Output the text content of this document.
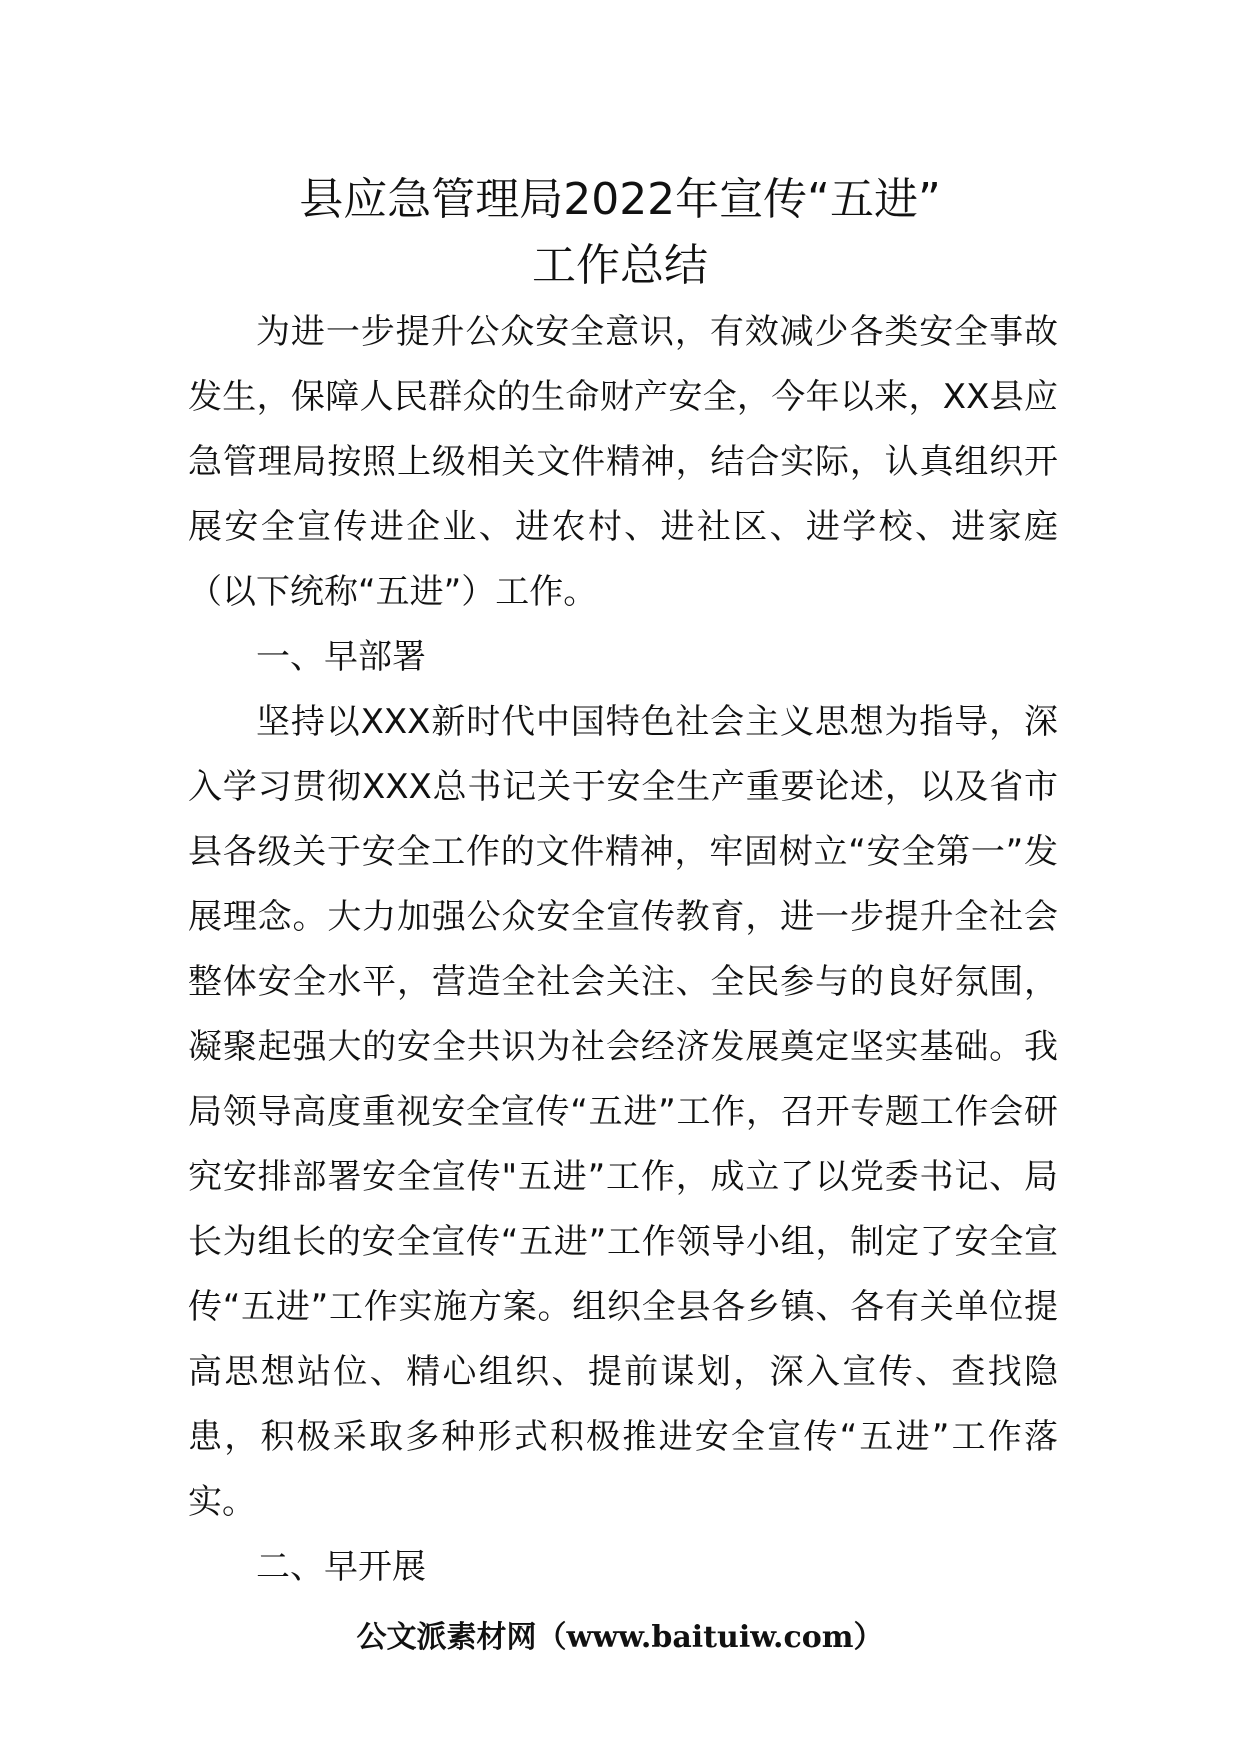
县应急管理局2022年宣传“五进”
工作总结

为进一步提升公众安全意识，有效减少各类安全事故发生，保障人民群众的生命财产安全，今年以来，XX县应急管理局按照上级相关文件精神，结合实际，认真组织开展安全宣传进企业、进农村、进社区、进学校、进家庭（以下统称“五进”）工作。

一、早部署

坚持以XXX新时代中国特色社会主义思想为指导，深入学习贯彻XXX总书记关于安全生产重要论述，以及省市县各级关于安全工作的文件精神，牢固树立“安全第一”发展理念。大力加强公众安全宣传教育，进一步提升全社会整体安全水平，营造全社会关注、全民参与的良好氛围，凝聚起强大的安全共识为社会经济发展奠定坚实基础。我局领导高度重视安全宣传“五进”工作，召开专题工作会研究安排部署安全宣传"五进”工作，成立了以党委书记、局长为组长的安全宣传“五进”工作领导小组，制定了安全宣传“五进”工作实施方案。组织全县各乡镇、各有关单位提高思想站位、精心组织、提前谋划，深入宣传、查找隐患，积极采取多种形式积极推进安全宣传“五进”工作落实。

二、早开展

公文派素材网（www.baituiw.com）
